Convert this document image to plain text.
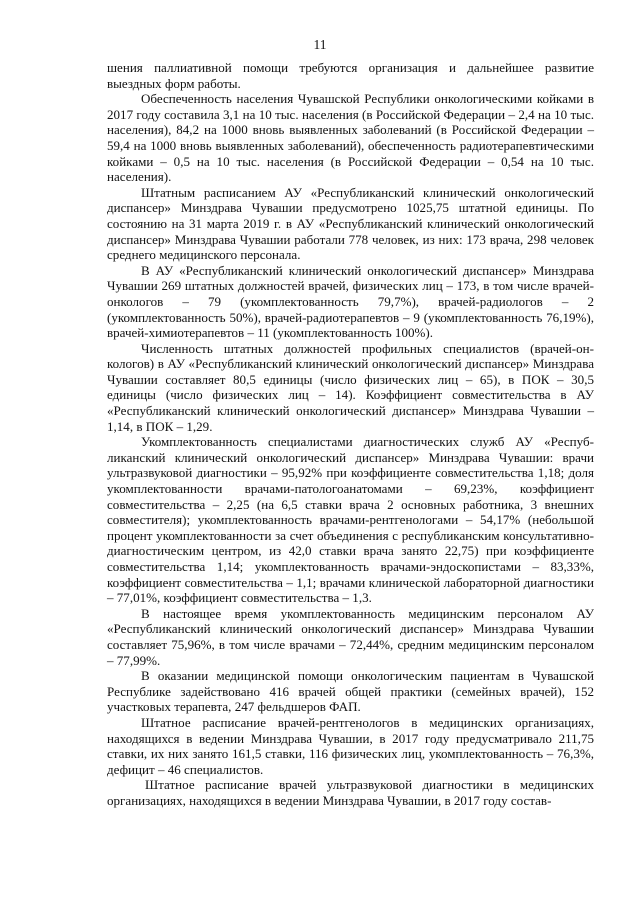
11

шения паллиативной помощи требуются организация и дальнейшее развитие выездных форм работы.

Обеспеченность населения Чувашской Республики онкологическими койками в 2017 году составила 3,1 на 10 тыс. населения (в Российской Федерации – 2,4 на 10 тыс. населения), 84,2 на 1000 вновь выявленных заболеваний (в Российской Федерации – 59,4 на 1000 вновь выявленных заболеваний), обеспеченность радиотерапевтическими койками – 0,5 на 10 тыс. населения (в Российской Федерации – 0,54 на 10 тыс. населения).

Штатным расписанием АУ «Республиканский клинический онкологический диспансер» Минздрава Чувашии предусмотрено 1025,75 штатной единицы. По состоянию на 31 марта 2019 г. в АУ «Республиканский клинический онкологический диспансер» Минздрава Чувашии работали 778 человек, из них: 173 врача, 298 человек среднего медицинского персонала.

В АУ «Республиканский клинический онкологический диспансер» Минздрава Чувашии 269 штатных должностей врачей, физических лиц – 173, в том числе врачей-онкологов – 79 (укомплектованность 79,7%), врачей-радиологов – 2 (укомплектованность 50%), врачей-радиотерапевтов – 9 (укомплектованность 76,19%), врачей-химиотерапевтов – 11 (укомплектованность 100%).

Численность штатных должностей профильных специалистов (врачей-онкологов) в АУ «Республиканский клинический онкологический диспансер» Минздрава Чувашии составляет 80,5 единицы (число физических лиц – 65), в ПОК – 30,5 единицы (число физических лиц – 14). Коэффициент совместительства в АУ «Республиканский клинический онкологический диспансер» Минздрава Чувашии – 1,14, в ПОК – 1,29.

Укомплектованность специалистами диагностических служб АУ «Республиканский клинический онкологический диспансер» Минздрава Чувашии: врачи ультразвуковой диагностики – 95,92% при коэффициенте совместительства 1,18; доля укомплектованности врачами-патологоанатомами – 69,23%, коэффициент совместительства – 2,25 (на 6,5 ставки врача 2 основных работника, 3 внешних совместителя); укомплектованность врачами-рентгенологами – 54,17% (небольшой процент укомплектованности за счет объединения с республиканским консультативно-диагностическим центром, из 42,0 ставки врача занято 22,75) при коэффициенте совместительства 1,14; укомплектованность врачами-эндоскопистами – 83,33%, коэффициент совместительства – 1,1; врачами клинической лабораторной диагностики – 77,01%, коэффициент совместительства – 1,3.

В настоящее время укомплектованность медицинским персоналом АУ «Республиканский клинический онкологический диспансер» Минздрава Чувашии составляет 75,96%, в том числе врачами – 72,44%, средним медицинским персоналом – 77,99%.

В оказании медицинской помощи онкологическим пациентам в Чувашской Республике задействовано 416 врачей общей практики (семейных врачей), 152 участковых терапевта, 247 фельдшеров ФАП.

Штатное расписание врачей-рентгенологов в медицинских организациях, находящихся в ведении Минздрава Чувашии, в 2017 году предусматривало 211,75 ставки, их них занято 161,5 ставки, 116 физических лиц, укомплектованность – 76,3%, дефицит – 46 специалистов.

Штатное расписание врачей ультразвуковой диагностики в медицинских организациях, находящихся в ведении Минздрава Чувашии, в 2017 году состав-
